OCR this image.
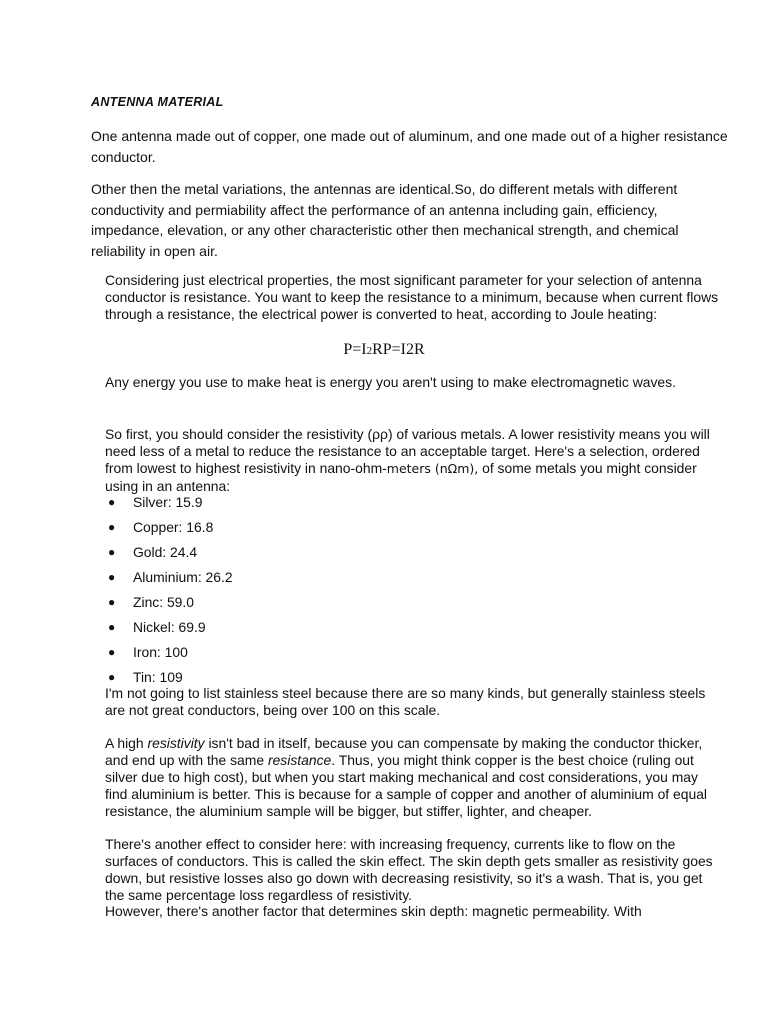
ANTENNA MATERIAL

One antenna made out of copper, one made out of aluminum, and one made out of a higher resistance conductor.

Other then the metal variations, the antennas are identical.So, do different metals with different conductivity and permiability affect the performance of an antenna including gain, efficiency, impedance, elevation, or any other characteristic other then mechanical strength, and chemical reliability in open air.

Considering just electrical properties, the most significant parameter for your selection of antenna conductor is resistance. You want to keep the resistance to a minimum, because when current flows through a resistance, the electrical power is converted to heat, according to Joule heating:

P=I2RP=I2R

Any energy you use to make heat is energy you aren't using to make electromagnetic waves.

So first, you should consider the resistivity (ρρ) of various metals. A lower resistivity means you will need less of a metal to reduce the resistance to an acceptable target. Here's a selection, ordered from lowest to highest resistivity in nano-ohm-meters (nΩm), of some metals you might consider using in an antenna:

● Silver: 15.9
● Copper: 16.8
● Gold: 24.4
● Aluminium: 26.2
● Zinc: 59.0
● Nickel: 69.9
● Iron: 100
● Tin: 109

I'm not going to list stainless steel because there are so many kinds, but generally stainless steels are not great conductors, being over 100 on this scale.

A high resistivity isn't bad in itself, because you can compensate by making the conductor thicker, and end up with the same resistance. Thus, you might think copper is the best choice (ruling out silver due to high cost), but when you start making mechanical and cost considerations, you may find aluminium is better. This is because for a sample of copper and another of aluminium of equal resistance, the aluminium sample will be bigger, but stiffer, lighter, and cheaper.

There's another effect to consider here: with increasing frequency, currents like to flow on the surfaces of conductors. This is called the skin effect. The skin depth gets smaller as resistivity goes down, but resistive losses also go down with decreasing resistivity, so it's a wash. That is, you get the same percentage loss regardless of resistivity.

However, there's another factor that determines skin depth: magnetic permeability. With
